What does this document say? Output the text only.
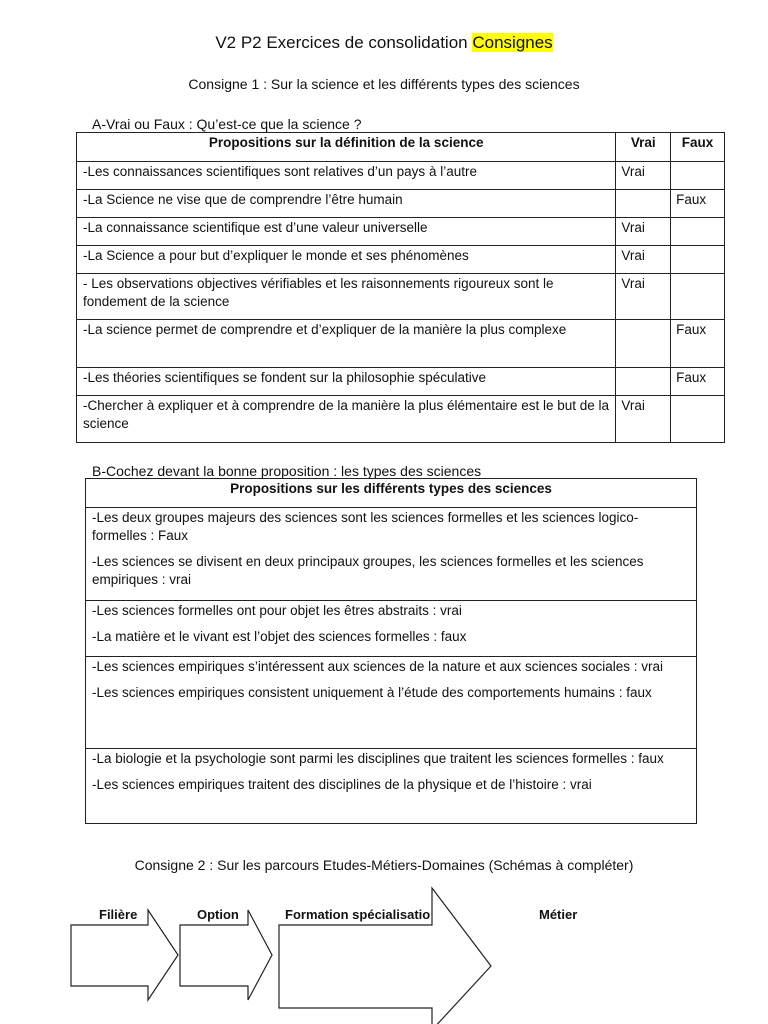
V2 P2 Exercices de consolidation Consignes
Consigne 1 : Sur la science et les différents types des sciences
A-Vrai ou Faux : Qu’est-ce que la science ?
Propositions sur la définition de la science	Vrai	Faux
-Les connaissances scientifiques sont relatives d’un pays à l’autre	Vrai	
-La Science ne vise que de comprendre l’être humain		Faux
-La connaissance scientifique est d’une valeur universelle	Vrai	
-La Science a pour but d’expliquer le monde et ses phénomènes	Vrai	
- Les observations objectives vérifiables et les raisonnements rigoureux sont le fondement de la science	Vrai	
-La science permet de comprendre et d’expliquer de la manière la plus complexe		Faux
-Les théories scientifiques se fondent sur la philosophie spéculative		Faux
-Chercher à expliquer et à comprendre de la manière la plus élémentaire est le but de la science	Vrai	
B-Cochez devant la bonne proposition : les types des sciences
Propositions sur les différents types des sciences

-Les deux groupes majeurs des sciences sont les sciences formelles et les sciences logico-formelles : Faux

-Les sciences se divisent en deux principaux groupes, les sciences formelles et les sciences empiriques : vrai

-Les sciences formelles ont pour objet les êtres abstraits : vrai

-La matière et le vivant est l’objet des sciences formelles : faux

-Les sciences empiriques s’intéressent aux sciences de la nature et aux sciences sociales : vrai

-Les sciences empiriques consistent uniquement à l’étude des comportements humains : faux

-La biologie et la psychologie sont parmi les disciplines que traitent les sciences formelles : faux

-Les sciences empiriques traitent des disciplines de la physique et de l’histoire : vrai

Consigne 2 : Sur les parcours Etudes-Métiers-Domaines (Schémas à compléter)
Filière	Option	Formation spécialisatio	Métier
